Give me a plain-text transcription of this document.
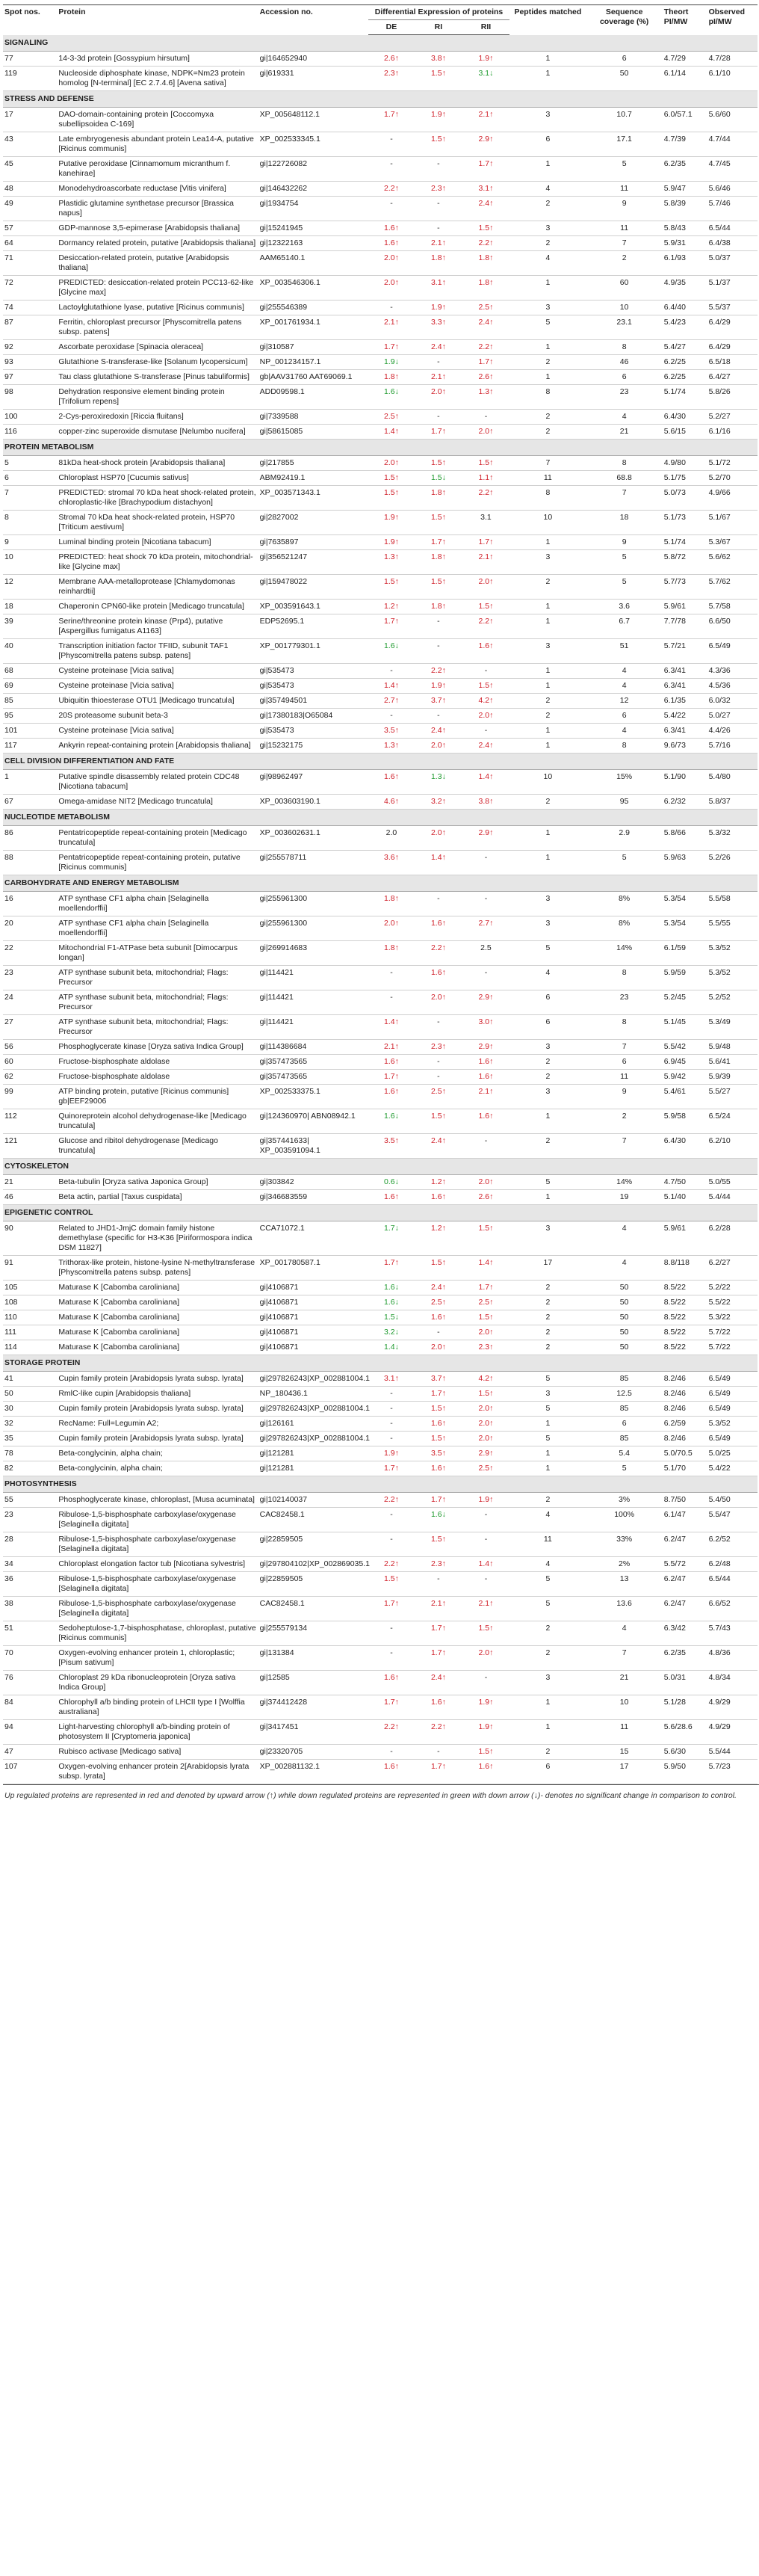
Spot nos.	Protein	Accession no.	Differential Expression of proteins			Peptides matched	Sequence coverage (%)	Theort PI/MW	Observed pI/MW
			DE	RI	RII				
SIGNALING									
77	14-3-3d protein [Gossypium hirsutum]	gi|164652940	2.6↑	3.8↑	1.9↑	1	6	4.7/29	4.7/28
119	Nucleoside diphosphate kinase, NDPK=Nm23 protein homolog [N-terminal] [EC 2.7.4.6] [Avena sativa]	gi|619331	2.3↑	1.5↑	3.1↓	1	50	6.1/14	6.1/10
STRESS AND DEFENSE									
17	DAO-domain-containing protein [Coccomyxa subellipsoidea C-169]	XP_005648112.1	1.7↑	1.9↑	2.1↑	3	10.7	6.0/57.1	5.6/60
43	Late embryogenesis abundant protein Lea14-A, putative [Ricinus communis]	XP_002533345.1	-	1.5↑	2.9↑	6	17.1	4.7/39	4.7/44
45	Putative peroxidase [Cinnamomum micranthum f. kanehirae]	gi|122726082	-	-	1.7↑	1	5	6.2/35	4.7/45
48	Monodehydroascorbate reductase [Vitis vinifera]	gi|146432262	2.2↑	2.3↑	3.1↑	4	11	5.9/47	5.6/46
49	Plastidic glutamine synthetase precursor [Brassica napus]	gi|1934754	-	-	2.4↑	2	9	5.8/39	5.7/46
57	GDP-mannose 3,5-epimerase [Arabidopsis thaliana]	gi|15241945	1.6↑	-	1.5↑	3	11	5.8/43	6.5/44
64	Dormancy related protein, putative [Arabidopsis thaliana]	gi|12322163	1.6↑	2.1↑	2.2↑	2	7	5.9/31	6.4/38
71	Desiccation-related protein, putative [Arabidopsis thaliana]	AAM65140.1	2.0↑	1.8↑	1.8↑	4	2	6.1/93	5.0/37
72	PREDICTED: desiccation-related protein PCC13-62-like [Glycine max]	XP_003546306.1	2.0↑	3.1↑	1.8↑	1	60	4.9/35	5.1/37
74	Lactoylglutathione lyase, putative [Ricinus communis]	gi|255546389	-	1.9↑	2.5↑	3	10	6.4/40	5.5/37
87	Ferritin, chloroplast precursor [Physcomitrella patens subsp. patens]	XP_001761934.1	2.1↑	3.3↑	2.4↑	5	23.1	5.4/23	6.4/29
92	Ascorbate peroxidase [Spinacia oleracea]	gi|310587	1.7↑	2.4↑	2.2↑	1	8	5.4/27	6.4/29
93	Glutathione S-transferase-like [Solanum lycopersicum]	NP_001234157.1	1.9↓	-	1.7↑	2	46	6.2/25	6.5/18
97	Tau class glutathione S-transferase [Pinus tabuliformis]	gb|AAV31760 AAT69069.1	1.8↑	2.1↑	2.6↑	1	6	6.2/25	6.4/27
98	Dehydration responsive element binding protein [Trifolium repens]	ADD09598.1	1.6↓	2.0↑	1.3↑	8	23	5.1/74	5.8/26
100	2-Cys-peroxiredoxin [Riccia fluitans]	gi|7339588	2.5↑	-	-	2	4	6.4/30	5.2/27
116	copper-zinc superoxide dismutase [Nelumbo nucifera]	gi|58615085	1.4↑	1.7↑	2.0↑	2	21	5.6/15	6.1/16
PROTEIN METABOLISM									
5	81kDa heat-shock protein [Arabidopsis thaliana]	gi|217855	2.0↑	1.5↑	1.5↑	7	8	4.9/80	5.1/72
6	Chloroplast HSP70 [Cucumis sativus]	ABM92419.1	1.5↑	1.5↓	1.1↑	11	68.8	5.1/75	5.2/70
7	PREDICTED: stromal 70 kDa heat shock-related protein, chloroplastic-like [Brachypodium distachyon]	XP_003571343.1	1.5↑	1.8↑	2.2↑	8	7	5.0/73	4.9/66
8	Stromal 70 kDa heat shock-related protein, HSP70 [Triticum aestivum]	gi|2827002	1.9↑	1.5↑	3.1	10	18	5.1/73	5.1/67
9	Luminal binding protein [Nicotiana tabacum]	gi|7635897	1.9↑	1.7↑	1.7↑	1	9	5.1/74	5.3/67
10	PREDICTED: heat shock 70 kDa protein, mitochondrial-like [Glycine max]	gi|356521247	1.3↑	1.8↑	2.1↑	3	5	5.8/72	5.6/62
12	Membrane AAA-metalloprotease [Chlamydomonas reinhardtii]	gi|159478022	1.5↑	1.5↑	2.0↑	2	5	5.7/73	5.7/62
18	Chaperonin CPN60-like protein [Medicago truncatula]	XP_003591643.1	1.2↑	1.8↑	1.5↑	1	3.6	5.9/61	5.7/58
39	Serine/threonine protein kinase (Prp4), putative [Aspergillus fumigatus A1163]	EDP52695.1	1.7↑	-	2.2↑	1	6.7	7.7/78	6.6/50
40	Transcription initiation factor TFIID, subunit TAF1 [Physcomitrella patens subsp. patens]	XP_001779301.1	1.6↓	-	1.6↑	3	51	5.7/21	6.5/49
68	Cysteine proteinase [Vicia sativa]	gi|535473	-	2.2↑	-	1	4	6.3/41	4.3/36
69	Cysteine proteinase [Vicia sativa]	gi|535473	1.4↑	1.9↑	1.5↑	1	4	6.3/41	4.5/36
85	Ubiquitin thioesterase OTU1 [Medicago truncatula]	gi|357494501	2.7↑	3.7↑	4.2↑	2	12	6.1/35	6.0/32
95	20S proteasome subunit beta-3	gi|17380183|O65084	-	-	2.0↑	2	6	5.4/22	5.0/27
101	Cysteine proteinase [Vicia sativa]	gi|535473	3.5↑	2.4↑	-	1	4	6.3/41	4.4/26
117	Ankyrin repeat-containing protein [Arabidopsis thaliana]	gi|15232175	1.3↑	2.0↑	2.4↑	1	8	9.6/73	5.7/16
CELL DIVISION DIFFERENTIATION AND FATE									
1	Putative spindle disassembly related protein CDC48 [Nicotiana tabacum]	gi|98962497	1.6↑	1.3↓	1.4↑	10	15%	5.1/90	5.4/80
67	Omega-amidase NIT2 [Medicago truncatula]	XP_003603190.1	4.6↑	3.2↑	3.8↑	2	95	6.2/32	5.8/37
NUCLEOTIDE METABOLISM									
86	Pentatricopeptide repeat-containing protein [Medicago truncatula]	XP_003602631.1	2.0	2.0↑	2.9↑	1	2.9	5.8/66	5.3/32
88	Pentatricopeptide repeat-containing protein, putative [Ricinus communis]	gi|255578711	3.6↑	1.4↑	-	1	5	5.9/63	5.2/26
CARBOHYDRATE AND ENERGY METABOLISM									
16	ATP synthase CF1 alpha chain [Selaginella moellendorffii]	gi|255961300	1.8↑	-	-	3	8%	5.3/54	5.5/58
20	ATP synthase CF1 alpha chain [Selaginella moellendorffii]	gi|255961300	2.0↑	1.6↑	2.7↑	3	8%	5.3/54	5.5/55
22	Mitochondrial F1-ATPase beta subunit [Dimocarpus longan]	gi|269914683	1.8↑	2.2↑	2.5	5	14%	6.1/59	5.3/52
23	ATP synthase subunit beta, mitochondrial; Flags: Precursor	gi|114421	-	1.6↑	-	4	8	5.9/59	5.3/52
24	ATP synthase subunit beta, mitochondrial; Flags: Precursor	gi|114421	-	2.0↑	2.9↑	6	23	5.2/45	5.2/52
27	ATP synthase subunit beta, mitochondrial; Flags: Precursor	gi|114421	1.4↑	-	3.0↑	6	8	5.1/45	5.3/49
56	Phosphoglycerate kinase [Oryza sativa Indica Group]	gi|114386684	2.1↑	2.3↑	2.9↑	3	7	5.5/42	5.9/48
60	Fructose-bisphosphate aldolase	gi|357473565	1.6↑	-	1.6↑	2	6	6.9/45	5.6/41
62	Fructose-bisphosphate aldolase	gi|357473565	1.7↑	-	1.6↑	2	11	5.9/42	5.9/39
99	ATP binding protein, putative [Ricinus communis] gb|EEF29006	XP_002533375.1	1.6↑	2.5↑	2.1↑	3	9	5.4/61	5.5/27
112	Quinoreprotein alcohol dehydrogenase-like [Medicago truncatula]	gi|124360970| ABN08942.1	1.6↓	1.5↑	1.6↑	1	2	5.9/58	6.5/24
121	Glucose and ribitol dehydrogenase [Medicago truncatula]	gi|357441633| XP_003591094.1	3.5↑	2.4↑	-	2	7	6.4/30	6.2/10
CYTOSKELETON									
21	Beta-tubulin [Oryza sativa Japonica Group]	gi|303842	0.6↓	1.2↑	2.0↑	5	14%	4.7/50	5.0/55
46	Beta actin, partial [Taxus cuspidata]	gi|346683559	1.6↑	1.6↑	2.6↑	1	19	5.1/40	5.4/44
EPIGENETIC CONTROL									
90	Related to JHD1-JmjC domain family histone demethylase (specific for H3-K36 [Piriformospora indica DSM 11827]	CCA71072.1	1.7↓	1.2↑	1.5↑	3	4	5.9/61	6.2/28
91	Trithorax-like protein, histone-lysine N-methyltransferase [Physcomitrella patens subsp. patens]	XP_001780587.1	1.7↑	1.5↑	1.4↑	17	4	8.8/118	6.2/27
105	Maturase K [Cabomba caroliniana]	gi|4106871	1.6↓	2.4↑	1.7↑	2	50	8.5/22	5.2/22
108	Maturase K [Cabomba caroliniana]	gi|4106871	1.6↓	2.5↑	2.5↑	2	50	8.5/22	5.5/22
110	Maturase K [Cabomba caroliniana]	gi|4106871	1.5↓	1.6↑	1.5↑	2	50	8.5/22	5.3/22
111	Maturase K [Cabomba caroliniana]	gi|4106871	3.2↓	-	2.0↑	2	50	8.5/22	5.7/22
114	Maturase K [Cabomba caroliniana]	gi|4106871	1.4↓	2.0↑	2.3↑	2	50	8.5/22	5.7/22
STORAGE PROTEIN									
41	Cupin family protein [Arabidopsis lyrata subsp. lyrata]	gi|297826243|XP_002881004.1	3.1↑	3.7↑	4.2↑	5	85	8.2/46	6.5/49
50	RmlC-like cupin [Arabidopsis thaliana]	NP_180436.1	-	1.7↑	1.5↑	3	12.5	8.2/46	6.5/49
30	Cupin family protein [Arabidopsis lyrata subsp. lyrata]	gi|297826243|XP_002881004.1	-	1.5↑	2.0↑	5	85	8.2/46	6.5/49
32	RecName: Full=Legumin A2;	gi|126161	-	1.6↑	2.0↑	1	6	6.2/59	5.3/52
35	Cupin family protein [Arabidopsis lyrata subsp. lyrata]	gi|297826243|XP_002881004.1	-	1.5↑	2.0↑	5	85	8.2/46	6.5/49
78	Beta-conglycinin, alpha chain;	gi|121281	1.9↑	3.5↑	2.9↑	1	5.4	5.0/70.5	5.0/25
82	Beta-conglycinin, alpha chain;	gi|121281	1.7↑	1.6↑	2.5↑	1	5	5.1/70	5.4/22
PHOTOSYNTHESIS									
55	Phosphoglycerate kinase, chloroplast, [Musa acuminata]	gi|102140037	2.2↑	1.7↑	1.9↑	2	3%	8.7/50	5.4/50
23	Ribulose-1,5-bisphosphate carboxylase/oxygenase [Selaginella digitata]	CAC82458.1	-	1.6↓	-	4	100%	6.1/47	5.5/47
28	Ribulose-1,5-bisphosphate carboxylase/oxygenase [Selaginella digitata]	gi|22859505	-	1.5↑	-	11	33%	6.2/47	6.2/52
34	Chloroplast elongation factor tub [Nicotiana sylvestris]	gi|297804102|XP_002869035.1	2.2↑	2.3↑	1.4↑	4	2%	5.5/72	6.2/48
36	Ribulose-1,5-bisphosphate carboxylase/oxygenase [Selaginella digitata]	gi|22859505	1.5↑	-	-	5	13	6.2/47	6.5/44
38	Ribulose-1,5-bisphosphate carboxylase/oxygenase [Selaginella digitata]	CAC82458.1	1.7↑	2.1↑	2.1↑	5	13.6	6.2/47	6.6/52
51	Sedoheptulose-1,7-bisphosphatase, chloroplast, putative [Ricinus communis]	gi|255579134	-	1.7↑	1.5↑	2	4	6.3/42	5.7/43
70	Oxygen-evolving enhancer protein 1, chloroplastic; [Pisum sativum]	gi|131384	-	1.7↑	2.0↑	2	7	6.2/35	4.8/36
76	Chloroplast 29 kDa ribonucleoprotein [Oryza sativa Indica Group]	gi|12585	1.6↑	2.4↑	-	3	21	5.0/31	4.8/34
84	Chlorophyll a/b binding protein of LHCII type I [Wolffia australiana]	gi|374412428	1.7↑	1.6↑	1.9↑	1	10	5.1/28	4.9/29
94	Light-harvesting chlorophyll a/b-binding protein of photosystem II [Cryptomeria japonica]	gi|3417451	2.2↑	2.2↑	1.9↑	1	11	5.6/28.6	4.9/29
47	Rubisco activase [Medicago sativa]	gi|23320705	-	-	1.5↑	2	15	5.6/30	5.5/44
107	Oxygen-evolving enhancer protein 2[Arabidopsis lyrata subsp. lyrata]	XP_002881132.1	1.6↑	1.7↑	1.6↑	6	17	5.9/50	5.7/23
Up regulated proteins are represented in red and denoted by upward arrow (↑) while down regulated proteins are represented in green with down arrow (↓)- denotes no significant change in comparison to control.
